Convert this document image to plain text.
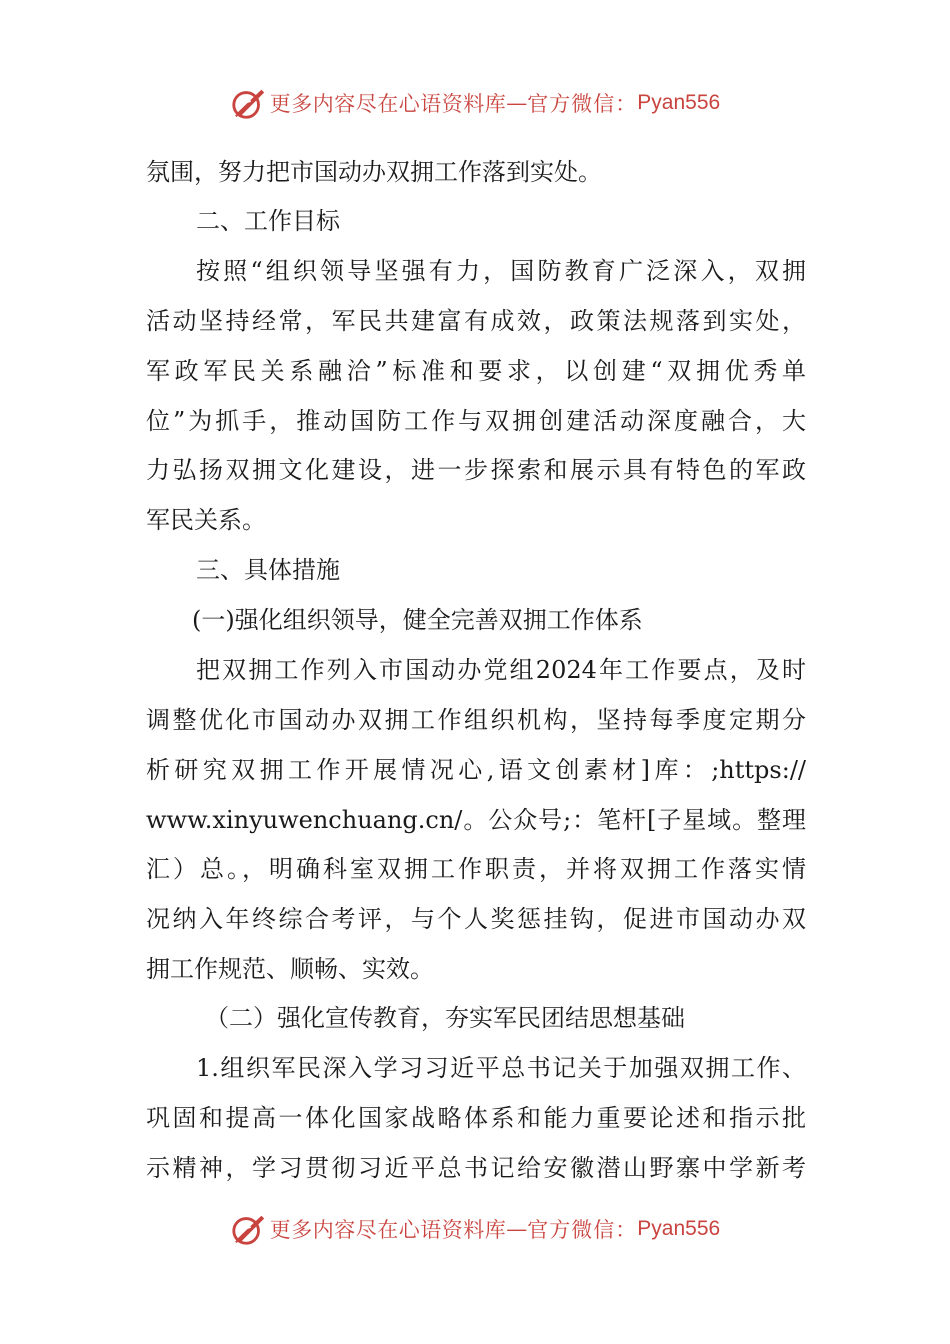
更多内容尽在心语资料库 — 官方微信： Pyan556
氛围，努力把市国动办双拥工作落到实处。
二、工作目标
按照“组织领导坚强有力，国防教育广泛深入，双拥
活动坚持经常，军民共建富有成效，政策法规落到实处，
军政军民关系融洽”标准和要求，以创建“双拥优秀单
位”为抓手，推动国防工作与双拥创建活动深度融合，大
力弘扬双拥文化建设，进一步探索和展示具有特色的军政
军民关系。
三、具体措施
(一)强化组织领导，健全完善双拥工作体系
把双拥工作列入市国动办党组2024年工作要点，及时
调整优化市国动办双拥工作组织机构，坚持每季度定期分
析研究双拥工作开展情况心,语文创素材]库：;https://
www.xinyuwenchuang.cn/。公众号;：笔杆[子星域。整理
汇）总。，明确科室双拥工作职责，并将双拥工作落实情
况纳入年终综合考评，与个人奖惩挂钩，促进市国动办双
拥工作规范、顺畅、实效。
（二）强化宣传教育，夯实军民团结思想基础
1.组织军民深入学习习近平总书记关于加强双拥工作、
巩固和提高一体化国家战略体系和能力重要论述和指示批
示精神，学习贯彻习近平总书记给安徽潜山野寨中学新考
更多内容尽在心语资料库 — 官方微信： Pyan556
